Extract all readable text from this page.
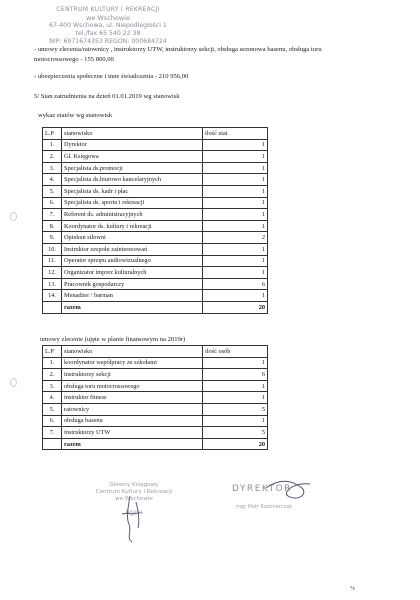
CENTRUM KULTURY I REKREACJI
we Wschowie
67-400 Wschowa, ul. Niepodległości 1
tel./fax 65 540 22 38
NIP: 6971674353 REGON: 000684724
- umowy zlecenia/ratownicy , instruktorzy UTW, instruktorzy sekcji, obsługa sezonowa basenu, obsługa toru
motocrossowego - 155 800,00
- ubezpieczenia społeczne i inne świadczenia - 210 956,00
5/ Stan zatrudnienia na dzień 01.01.2019 wg stanowisk
wykaz etatów wg stanowisk
L.P	stanowisko	ilość etat
1.	Dyrektor	1
2.	Gł. Księgowa	1
3.	Specjalista ds.promocji	1
4.	Specjalista ds.biurowo kancelaryjnych	1
5.	Specjalista ds. kadr i płac	1
6.	Specjalista ds. sportu i rekreacji	1
7.	Referent ds. administracyjnych	1
8.	Koordynator ds. kultury i rekreacji	1
9.	Opiekun siłowni	2
10.	Instruktor zespołu zainteresowań	1
11.	Operator sprzętu audiowizualnego	1
12.	Organizator imprez kulturalnych	1
13.	Pracownik gospodarczy	6
14.	Menadżer / barman	1
	razem	20
umowy zlecenie (ujęte w planie finansowym na 2019r)
L.P	stanowisko	ilość osób
1.	koordynator współpracy ze szkołami	1
2.	instruktorzy sekcji	6
3.	obsługa toru motocrossowego	1
4.	instruktor fitness	1
5.	ratownicy	5
6.	obsługa basenu	1
7.	instruktorzy UTW	5
	razem	20
Główny Księgowy
Centrum Kultury i Rekreacji
we Wschowie
Agata
DYREKTOR
mgr Piotr Kaźmierczak
%
